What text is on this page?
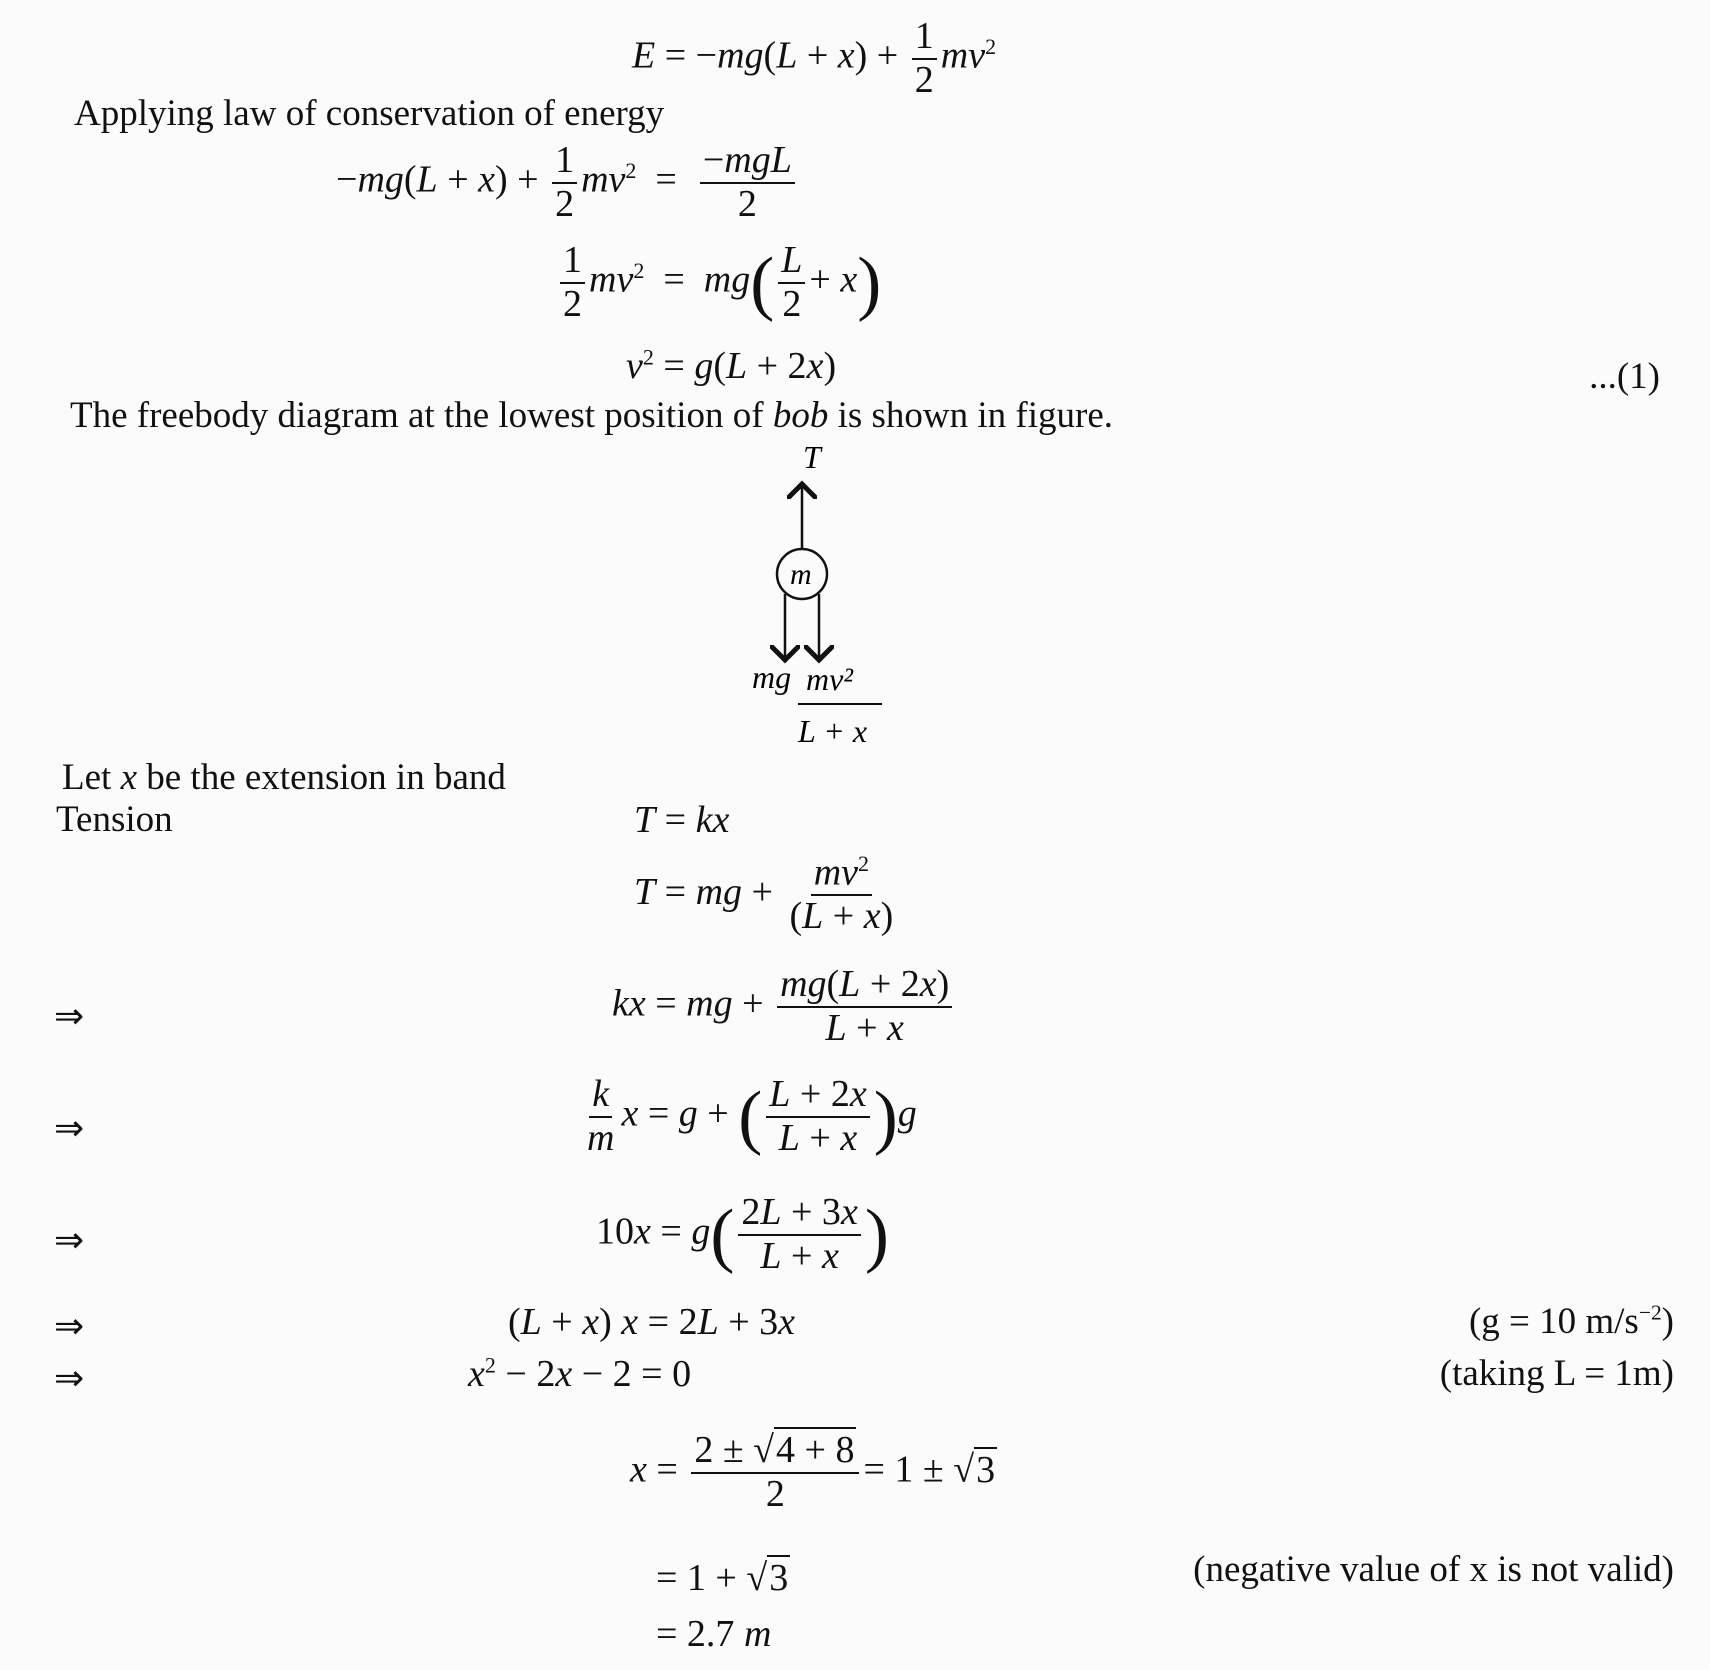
$E = -mg(L + x) + \frac{1}{2} mv^2$
Applying law of conservation of energy
$-mg(L + x) + \frac{1}{2} mv^2 = \frac{\text{−mgL}}{2}$
$\frac{1}{2} mv^2 = mg( \frac{L}{2} + x)$
$v^2 = g(L + 2x)$	...(1)
The freebody diagram at the lowest position of bob is shown in figure.
T
m
mg mv²
L + x
Let x be the extension in band
Tension	T = kx
T = mg + $\frac{mv^2}{(L + x)}$
⇒
⇒
⇒
⇒
⇒
kx = mg + $\frac{mg(L + 2x)}{L + x}$
$\frac{k}{m}$ x = g + ( $\frac{L + 2x}{L + x} )g$
$10x = g( \frac{2L + 3x}{L + x}$ )
(L + x) x = 2L + 3x	(g = 10 $m/s^{-2}$)
$x^2 - 2x - 2 = 0$	(taking L = 1m)
$x = \frac{2 \pm √4 + 8}{2} = 1 \pm √3$
= 1 + √3	(negative value of x is not valid)
= 2.7 m
